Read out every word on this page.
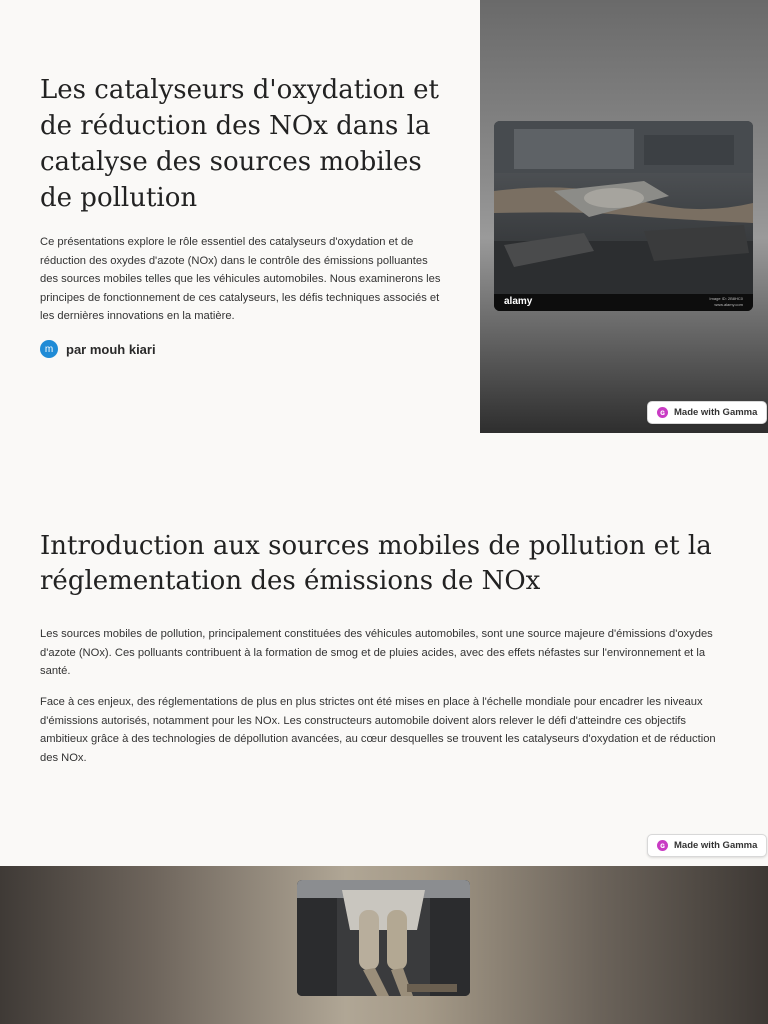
Les catalyseurs d'oxydation et de réduction des NOx dans la catalyse des sources mobiles de pollution

Ce présentations explore le rôle essentiel des catalyseurs d'oxydation et de réduction des oxydes d'azote (NOx) dans le contrôle des émissions polluantes des sources mobiles telles que les véhicules automobiles. Nous examinerons les principes de fonctionnement de ces catalyseurs, les défis techniques associés et les dernières innovations en la matière.

m par mouh kiari
alamy	Image ID: 2B8HC0
www.alamy.com
ɢ Made with Gamma
Introduction aux sources mobiles de pollution et la réglementation des émissions de NOx

Les sources mobiles de pollution, principalement constituées des véhicules automobiles, sont une source majeure d'émissions d'oxydes d'azote (NOx). Ces polluants contribuent à la formation de smog et de pluies acides, avec des effets néfastes sur l'environnement et la santé.

Face à ces enjeux, des réglementations de plus en plus strictes ont été mises en place à l'échelle mondiale pour encadrer les niveaux d'émissions autorisés, notamment pour les NOx. Les constructeurs automobile doivent alors relever le défi d'atteindre ces objectifs ambitieux grâce à des technologies de dépollution avancées, au cœur desquelles se trouvent les catalyseurs d'oxydation et de réduction des NOx.

ɢ Made with Gamma
